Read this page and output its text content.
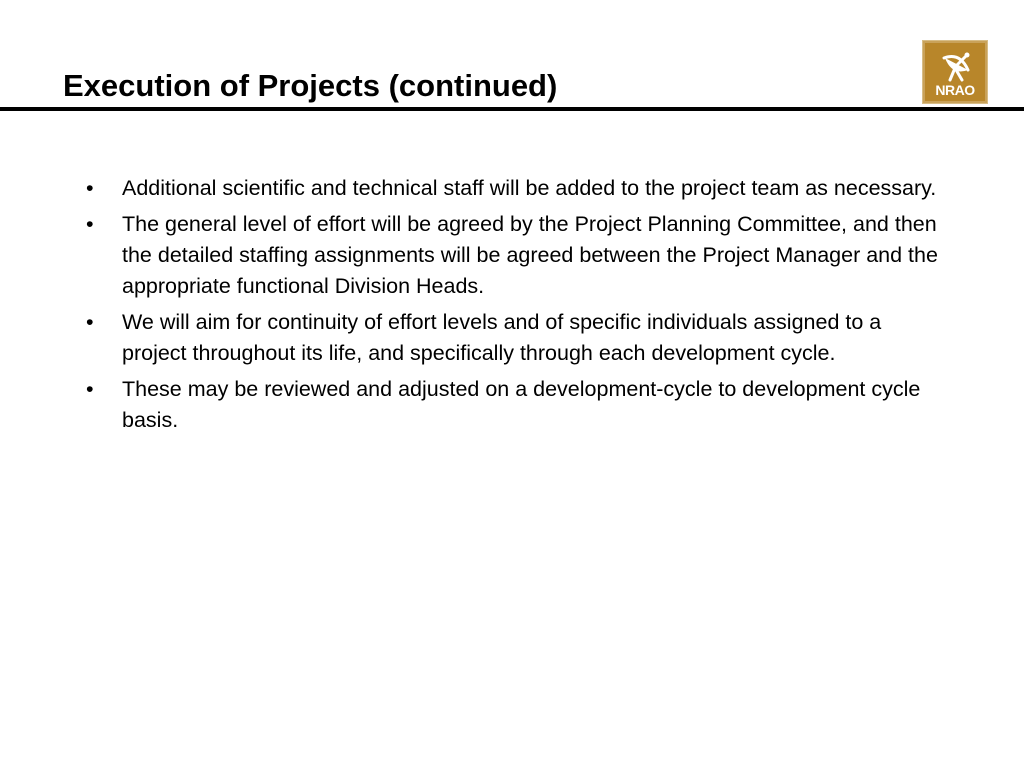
Execution of Projects (continued)	NRAO
• Additional scientific and technical staff will be added to the project team as necessary.
• The general level of effort will be agreed by the Project Planning Committee, and then the detailed staffing assignments will be agreed between the Project Manager and the appropriate functional Division Heads.
• We will aim for continuity of effort levels and of specific individuals assigned to a project throughout its life, and specifically through each development cycle.
• These may be reviewed and adjusted on a development-cycle to development cycle basis.
